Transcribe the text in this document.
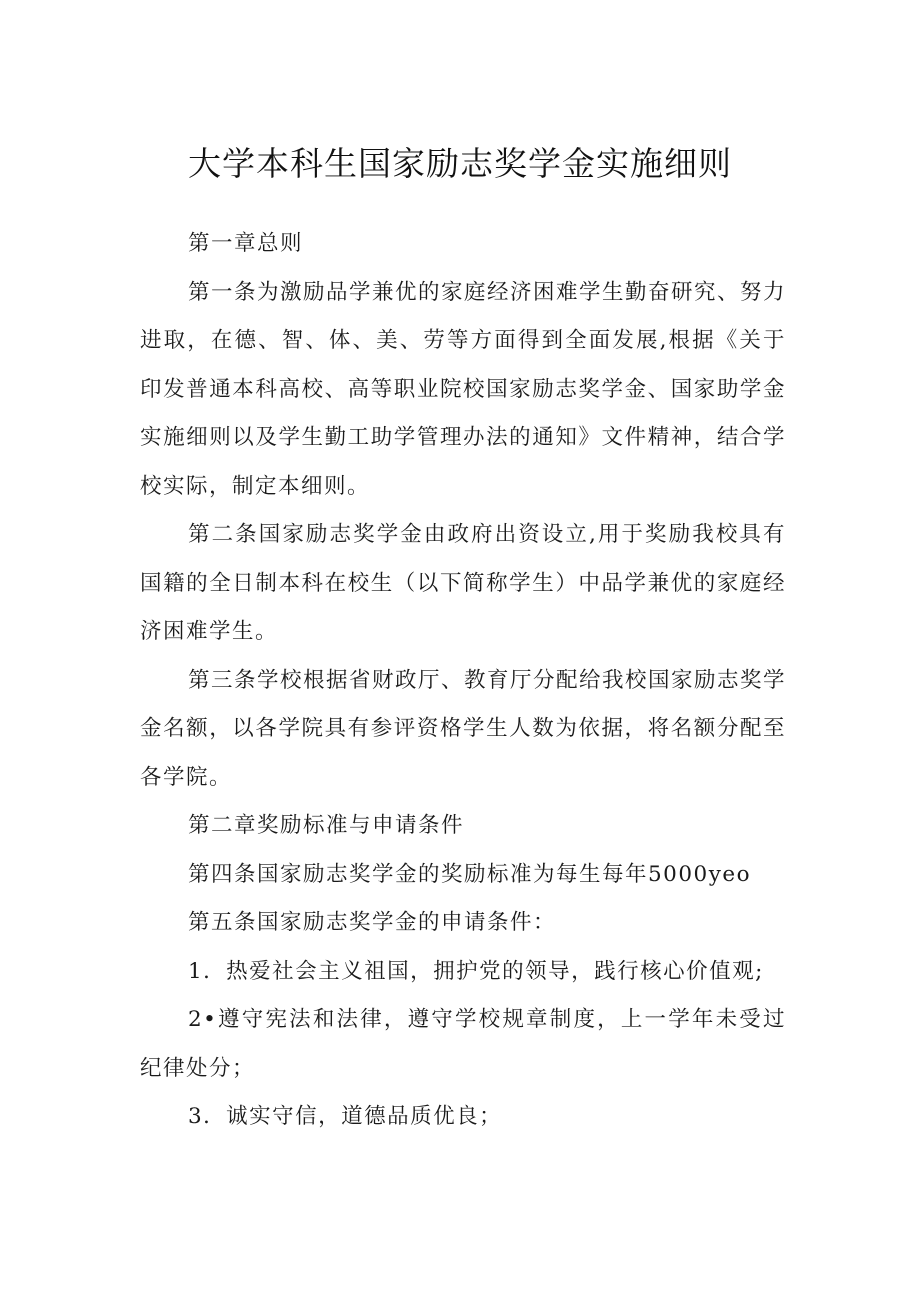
大学本科生国家励志奖学金实施细则

第一章总则

第一条为激励品学兼优的家庭经济困难学生勤奋研究、努力进取，在德、智、体、美、劳等方面得到全面发展,根据《关于印发普通本科高校、高等职业院校国家励志奖学金、国家助学金实施细则以及学生勤工助学管理办法的通知》文件精神，结合学校实际，制定本细则。

第二条国家励志奖学金由政府出资设立,用于奖励我校具有国籍的全日制本科在校生（以下简称学生）中品学兼优的家庭经济困难学生。

第三条学校根据省财政厅、教育厅分配给我校国家励志奖学金名额，以各学院具有参评资格学生人数为依据，将名额分配至各学院。

第二章奖励标准与申请条件

第四条国家励志奖学金的奖励标准为每生每年5000yeo

第五条国家励志奖学金的申请条件：

1．热爱社会主义祖国，拥护党的领导，践行核心价值观;

2•遵守宪法和法律，遵守学校规章制度，上一学年未受过纪律处分；

3．诚实守信，道德品质优良；
